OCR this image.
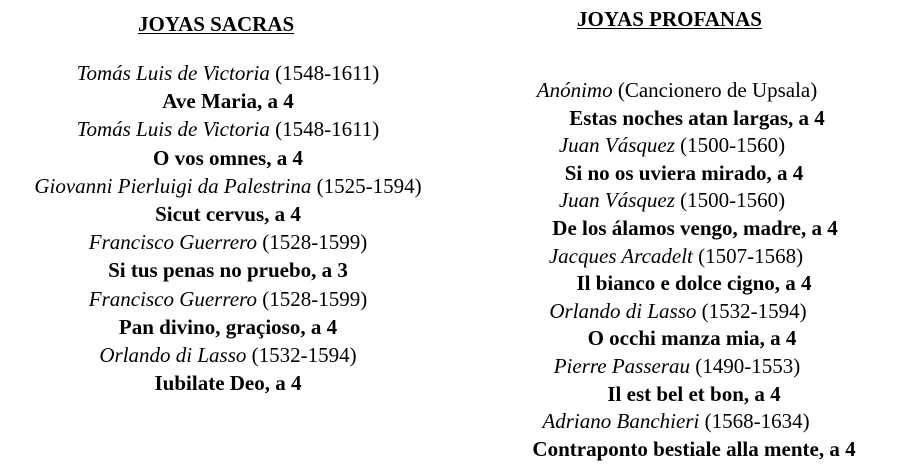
JOYAS SACRAS	JOYAS PROFANAS
Tomás Luis de Victoria (1548-1611)
Ave Maria, a 4
Tomás Luis de Victoria (1548-1611)
O vos omnes, a 4
Giovanni Pierluigi da Palestrina (1525-1594)
Sicut cervus, a 4
Francisco Guerrero (1528-1599)
Si tus penas no pruebo, a 3
Francisco Guerrero (1528-1599)
Pan divino, graçioso, a 4
Orlando di Lasso (1532-1594)
Iubilate Deo, a 4
Anónimo (Cancionero de Upsala)
Estas noches atan largas, a 4
Juan Vásquez (1500-1560)
Si no os uviera mirado, a 4
Juan Vásquez (1500-1560)
De los álamos vengo, madre, a 4
Jacques Arcadelt (1507-1568)
Il bianco e dolce cigno, a 4
Orlando di Lasso (1532-1594)
O occhi manza mia, a 4
Pierre Passerau (1490-1553)
Il est bel et bon, a 4
Adriano Banchieri (1568-1634)
Contraponto bestiale alla mente, a 4
